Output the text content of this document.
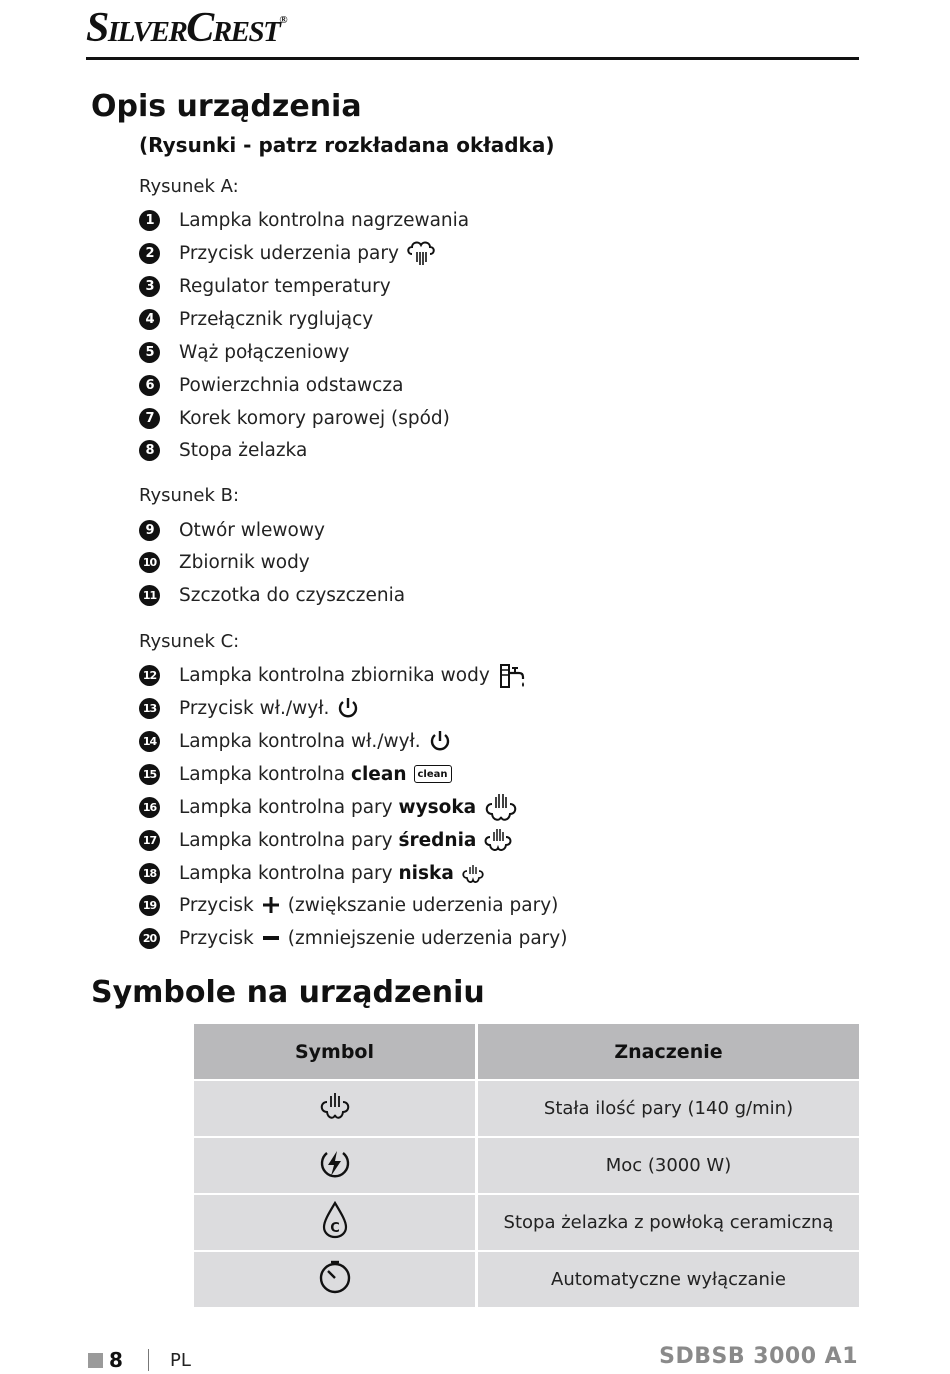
SilverCrest®
Opis urządzenia
(Rysunki - patrz rozkładana okładka)
Rysunek A:
1	Lampka kontrolna nagrzewania
2	Przycisk uderzenia pary
3	Regulator temperatury
4	Przełącznik ryglujący
5	Wąż połączeniowy
6	Powierzchnia odstawcza
7	Korek komory parowej (spód)
8	Stopa żelazka
Rysunek B:
9	Otwór wlewowy
10 Zbiornik wody
11 Szczotka do czyszczenia
Rysunek C:
12 Lampka kontrolna zbiornika wody
13 Przycisk wł./wył.
14 Lampka kontrolna wł./wył.
15 Lampka kontrolna
clean	clean
16 Lampka kontrolna pary
wysoka
17 Lampka kontrolna pary
średnia
18 Lampka kontrolna pary
niska
19 Przycisk (zwiększanie uderzenia pary)
20 Przycisk (zmniejszenie uderzenia pary)
Symbole na urządzeniu
Symbol	Znaczenie
	Stała ilość pary (140 g/min)
	Moc (3000 W)

C	Stopa żelazka z powłoką ceramiczną
	Automatyczne wyłączanie
8	PL	SDBSB 3000 A1
